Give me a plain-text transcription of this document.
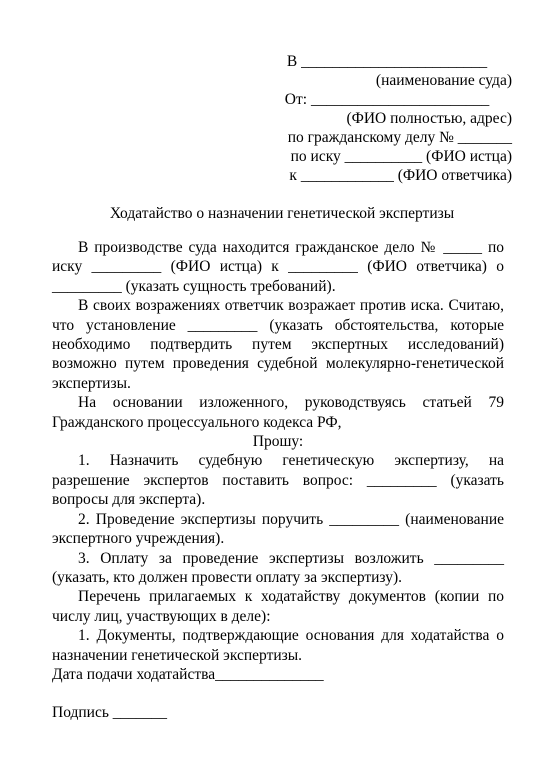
В ________________________
(наименование суда)
От: _______________________
(ФИО полностью, адрес)
по гражданскому делу № _______
по иску __________ (ФИО истца)
к ____________ (ФИО ответчика)
Ходатайство о назначении генетической экспертизы

В производстве суда находится гражданское дело № _____ по иску _________ (ФИО истца) к _________ (ФИО ответчика) о _________ (указать сущность требований).

В своих возражениях ответчик возражает против иска. Считаю, что установление _________ (указать обстоятельства, которые необходимо подтвердить путем экспертных исследований) возможно путем проведения судебной молекулярно-генетической экспертизы.

На основании изложенного, руководствуясь статьей 79 Гражданского процессуального кодекса РФ,

Прошу:

1. Назначить судебную генетическую экспертизу, на разрешение экспертов поставить вопрос: _________ (указать вопросы для эксперта).

2. Проведение экспертизы поручить _________ (наименование экспертного учреждения).

3. Оплату за проведение экспертизы возложить _________ (указать, кто должен провести оплату за экспертизу).

Перечень прилагаемых к ходатайству документов (копии по числу лиц, участвующих в деле):

1. Документы, подтверждающие основания для ходатайства о назначении генетической экспертизы.

Дата подачи ходатайства______________

Подпись _______
